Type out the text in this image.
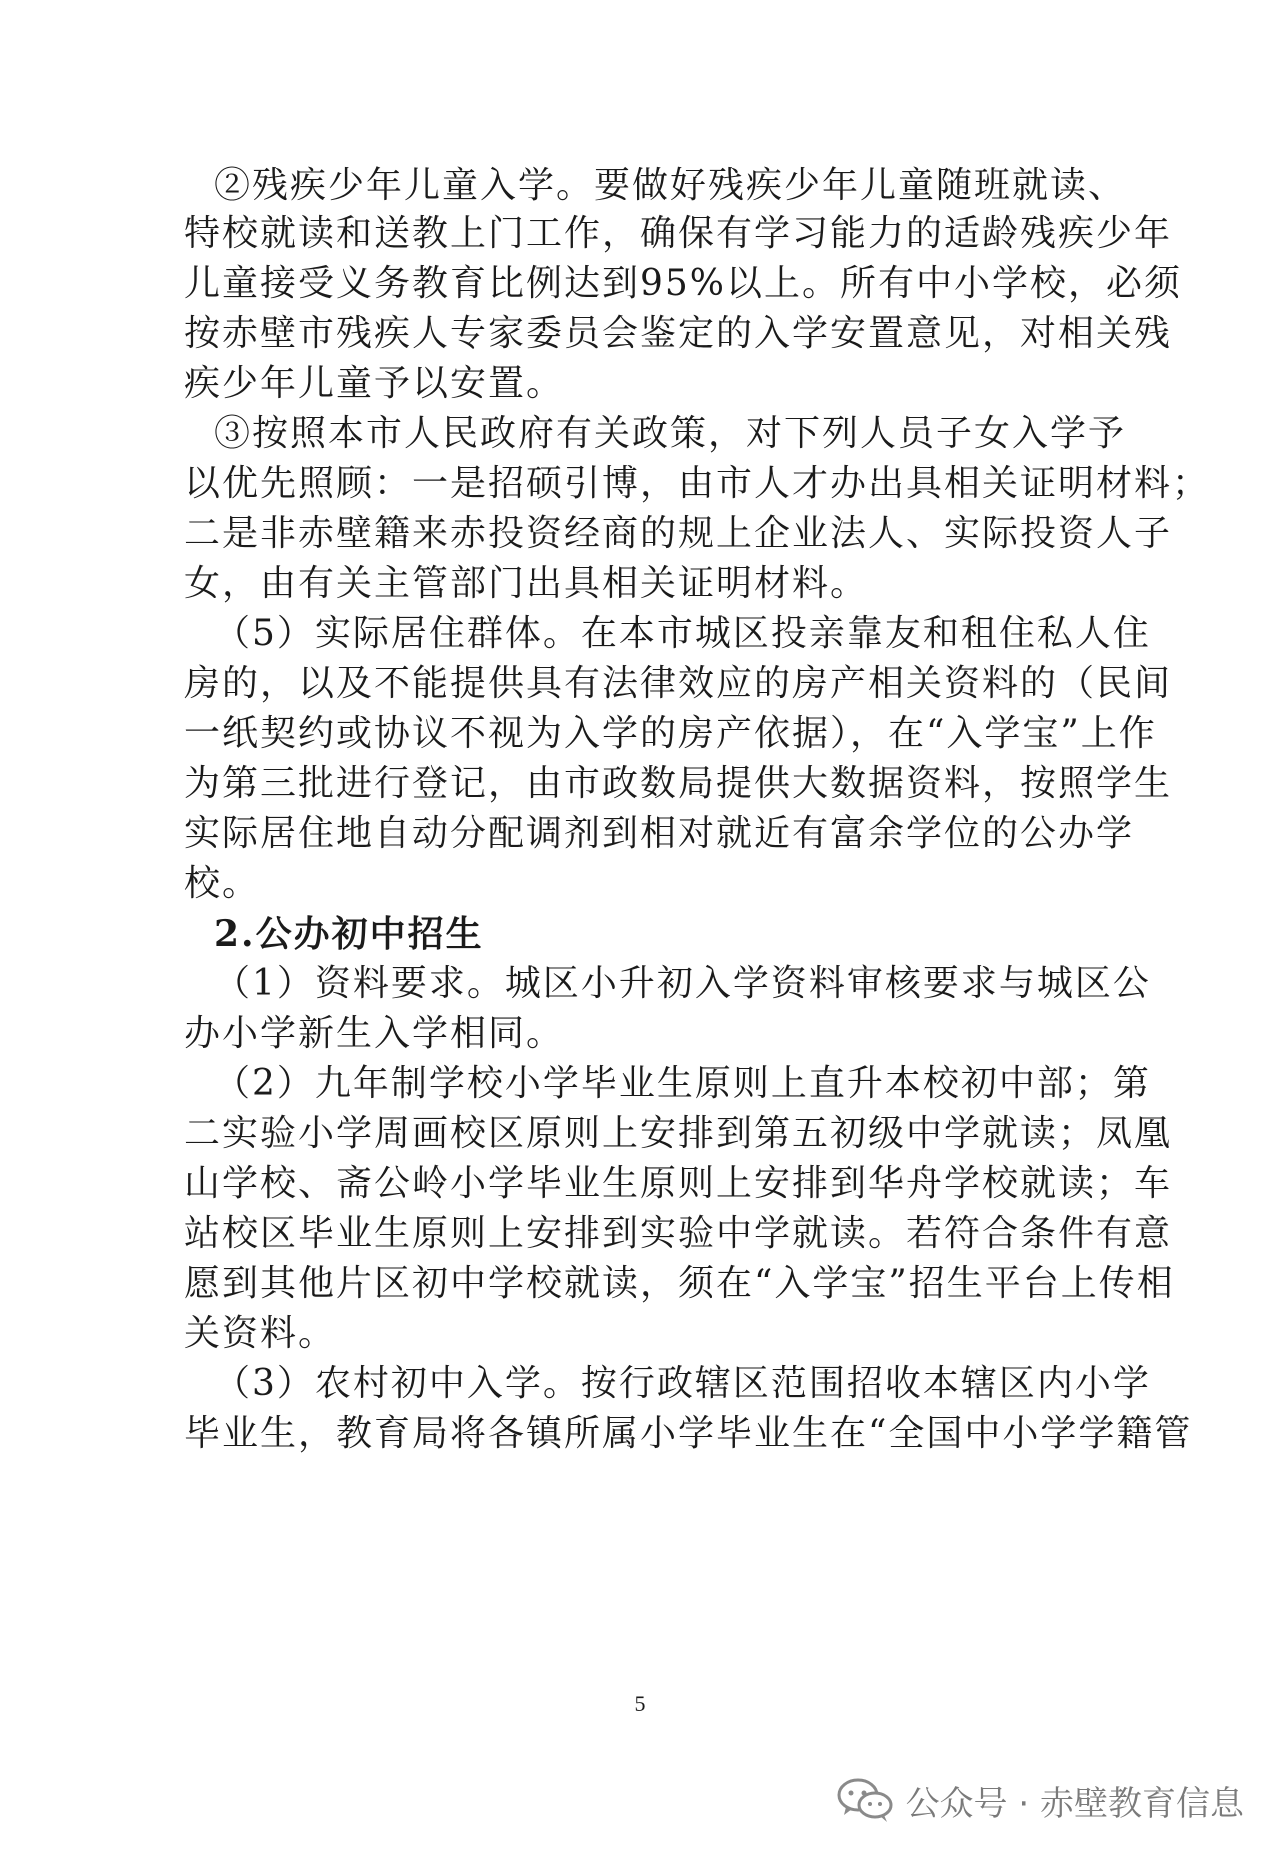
②残疾少年儿童入学。要做好残疾少年儿童随班就读、
特校就读和送教上门工作，确保有学习能力的适龄残疾少年
儿童接受义务教育比例达到95%以上。所有中小学校，必须
按赤壁市残疾人专家委员会鉴定的入学安置意见，对相关残
疾少年儿童予以安置。
③按照本市人民政府有关政策，对下列人员子女入学予
以优先照顾：一是招硕引博，由市人才办出具相关证明材料；
二是非赤壁籍来赤投资经商的规上企业法人、实际投资人子
女，由有关主管部门出具相关证明材料。
（5）实际居住群体。在本市城区投亲靠友和租住私人住
房的，以及不能提供具有法律效应的房产相关资料的（民间
一纸契约或协议不视为入学的房产依据），在“入学宝”上作
为第三批进行登记，由市政数局提供大数据资料，按照学生
实际居住地自动分配调剂到相对就近有富余学位的公办学
校。
2.公办初中招生
（1）资料要求。城区小升初入学资料审核要求与城区公
办小学新生入学相同。
（2）九年制学校小学毕业生原则上直升本校初中部；第
二实验小学周画校区原则上安排到第五初级中学就读；凤凰
山学校、斋公岭小学毕业生原则上安排到华舟学校就读；车
站校区毕业生原则上安排到实验中学就读。若符合条件有意
愿到其他片区初中学校就读，须在“入学宝”招生平台上传相
关资料。
（3）农村初中入学。按行政辖区范围招收本辖区内小学
毕业生，教育局将各镇所属小学毕业生在“全国中小学学籍管
5
公众号 · 赤壁教育信息
